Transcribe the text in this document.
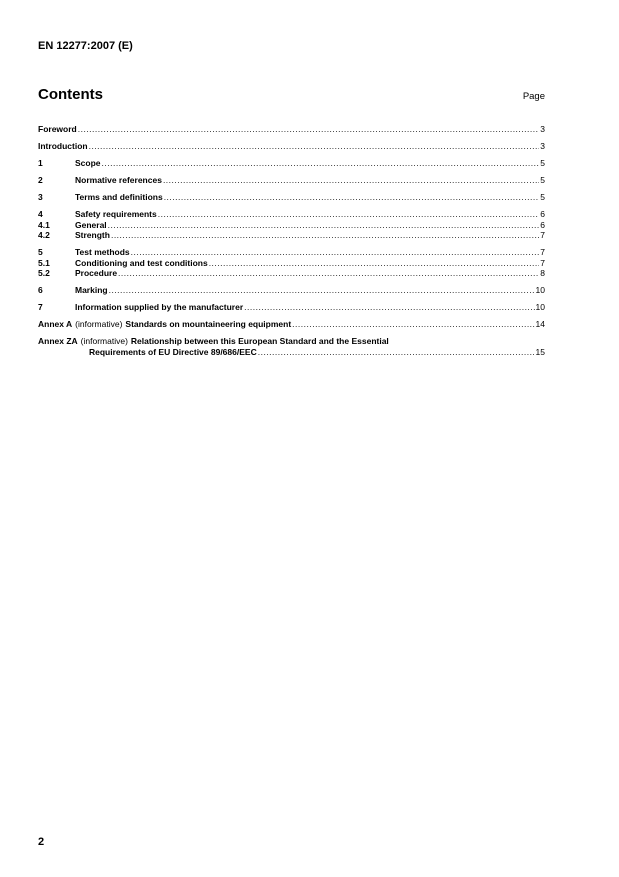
EN 12277:2007 (E)
Contents	Page
Foreword .....	3
Introduction .....	3
1	Scope .....	5
2	Normative references .....	5
3	Terms and definitions .....	5
4	Safety requirements .....	6
4.1	General .....	6
4.2	Strength .....	7
5	Test methods .....	7
5.1	Conditioning and test conditions .....	7
5.2	Procedure .....	8
6	Marking .....	10
7	Information supplied by the manufacturer .....	10
Annex A (informative) Standards on mountaineering equipment .....	14
Annex ZA (informative) Relationship between this European Standard and the Essential
Requirements of EU Directive 89/686/EEC .....	15
2
